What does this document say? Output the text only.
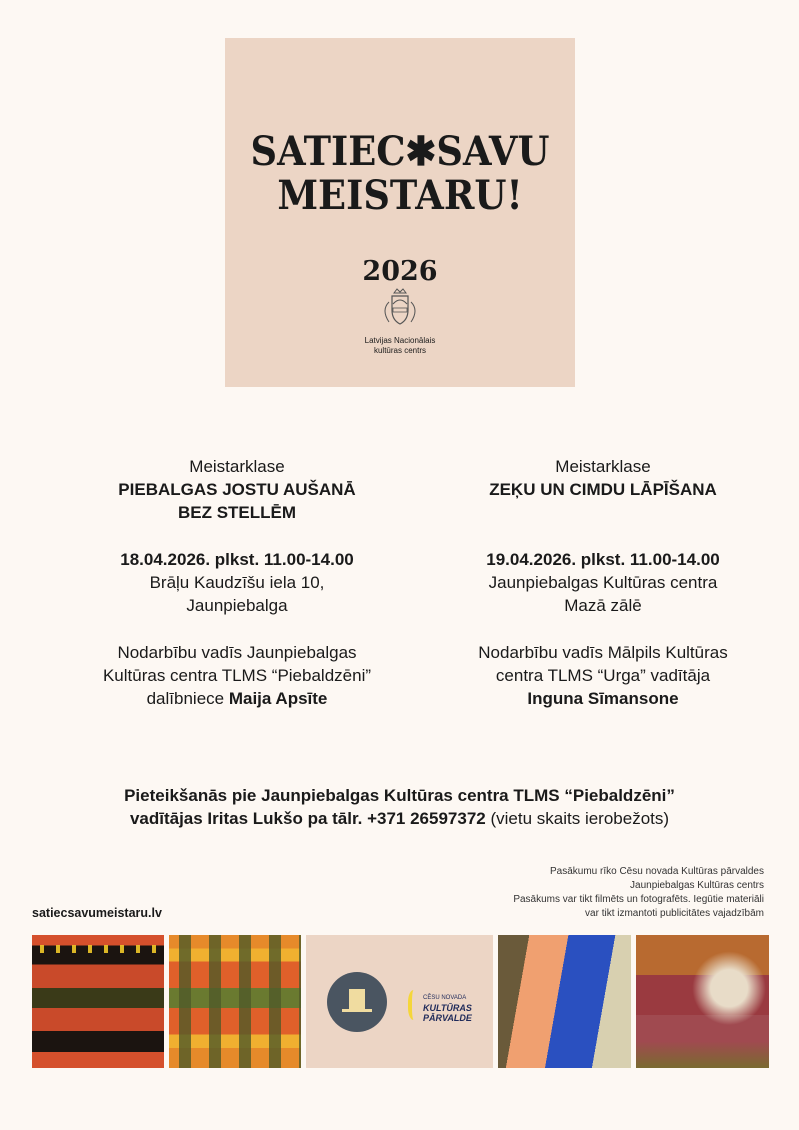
SATIEC✱SAVU
MEISTARU!
2026
Latvijas Nacionālais
kultūras centrs
Meistarklase
PIEBALGAS JOSTU AUŠANĀ
BEZ STELLĒM
18.04.2026. plkst. 11.00-14.00
Brāļu Kaudzīšu iela 10,
Jaunpiebalga
Nodarbību vadīs Jaunpiebalgas
Kultūras centra TLMS “Piebaldzēni”
dalībniece Maija Apsīte
Meistarklase
ZEĶU UN CIMDU LĀPĪŠANA
19.04.2026. plkst. 11.00-14.00
Jaunpiebalgas Kultūras centra
Mazā zālē
Nodarbību vadīs Mālpils Kultūras
centra TLMS “Urga” vadītāja
Inguna Sīmansone
Pieteikšanās pie Jaunpiebalgas Kultūras centra TLMS “Piebaldzēni”
vadītājas Iritas Lukšo pa tālr. +371 26597372 (vietu skaits ierobežots)
Pasākumu rīko Cēsu novada Kultūras pārvaldes
Jaunpiebalgas Kultūras centrs
Pasākums var tikt filmēts un fotografēts. Iegūtie materiāli
var tikt izmantoti publicitātes vajadzībām
satiecsavumeistaru.lv
CĒSU NOVADA
KULTŪRAS
PĀRVALDE
